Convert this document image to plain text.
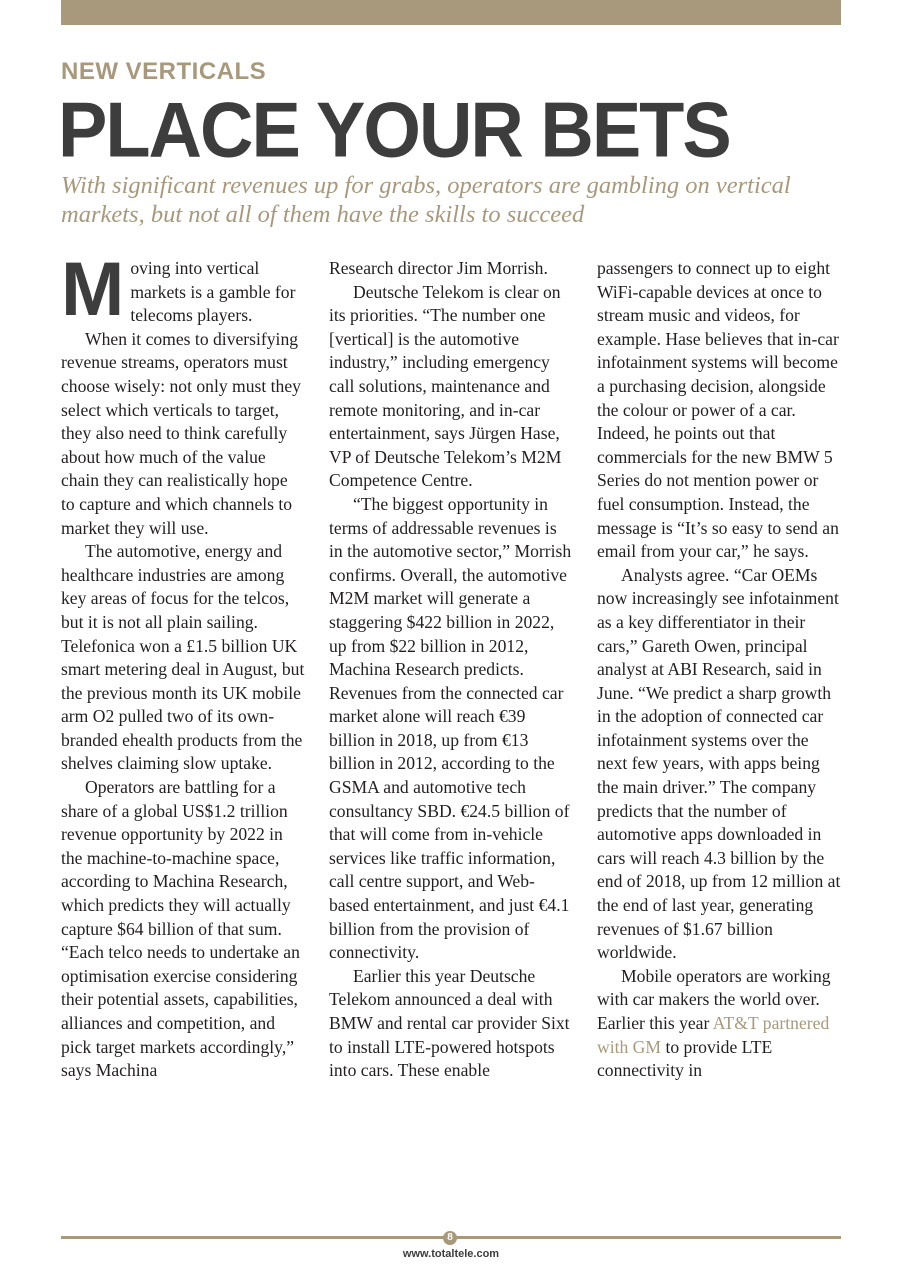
NEW VERTICALS
PLACE YOUR BETS
With significant revenues up for grabs, operators are gambling on vertical markets, but not all of them have the skills to succeed

Moving into vertical markets is a gamble for telecoms players.

When it comes to diversifying revenue streams, operators must choose wisely: not only must they select which verticals to target, they also need to think carefully about how much of the value chain they can realistically hope to capture and which channels to market they will use.

The automotive, energy and healthcare industries are among key areas of focus for the telcos, but it is not all plain sailing. Telefonica won a £1.5 billion UK smart metering deal in August, but the previous month its UK mobile arm O2 pulled two of its own-branded ehealth products from the shelves claiming slow uptake.

Operators are battling for a share of a global US$1.2 trillion revenue opportunity by 2022 in the machine-to-machine space, according to Machina Research, which predicts they will actually capture $64 billion of that sum. “Each telco needs to undertake an optimisation exercise considering their potential assets, capabilities, alliances and competition, and pick target markets accordingly,” says Machina

Research director Jim Morrish.

Deutsche Telekom is clear on its priorities. “The number one [vertical] is the automotive industry,” including emergency call solutions, maintenance and remote monitoring, and in-car entertainment, says Jürgen Hase, VP of Deutsche Telekom’s M2M Competence Centre.

“The biggest opportunity in terms of addressable revenues is in the automotive sector,” Morrish confirms. Overall, the automotive M2M market will generate a staggering $422 billion in 2022, up from $22 billion in 2012, Machina Research predicts. Revenues from the connected car market alone will reach €39 billion in 2018, up from €13 billion in 2012, according to the GSMA and automotive tech consultancy SBD. €24.5 billion of that will come from in-vehicle services like traffic information, call centre support, and Web-based entertainment, and just €4.1 billion from the provision of connectivity.

Earlier this year Deutsche Telekom announced a deal with BMW and rental car provider Sixt to install LTE-powered hotspots into cars. These enable

passengers to connect up to eight WiFi-capable devices at once to stream music and videos, for example. Hase believes that in-car infotainment systems will become a purchasing decision, alongside the colour or power of a car. Indeed, he points out that commercials for the new BMW 5 Series do not mention power or fuel consumption. Instead, the message is “It’s so easy to send an email from your car,” he says.

Analysts agree. “Car OEMs now increasingly see infotainment as a key differentiator in their cars,” Gareth Owen, principal analyst at ABI Research, said in June. “We predict a sharp growth in the adoption of connected car infotainment systems over the next few years, with apps being the main driver.” The company predicts that the number of automotive apps downloaded in cars will reach 4.3 billion by the end of 2018, up from 12 million at the end of last year, generating revenues of $1.67 billion worldwide.

Mobile operators are working with car makers the world over. Earlier this year AT&T partnered with GM to provide LTE connectivity in

8
www.totaltele.com
